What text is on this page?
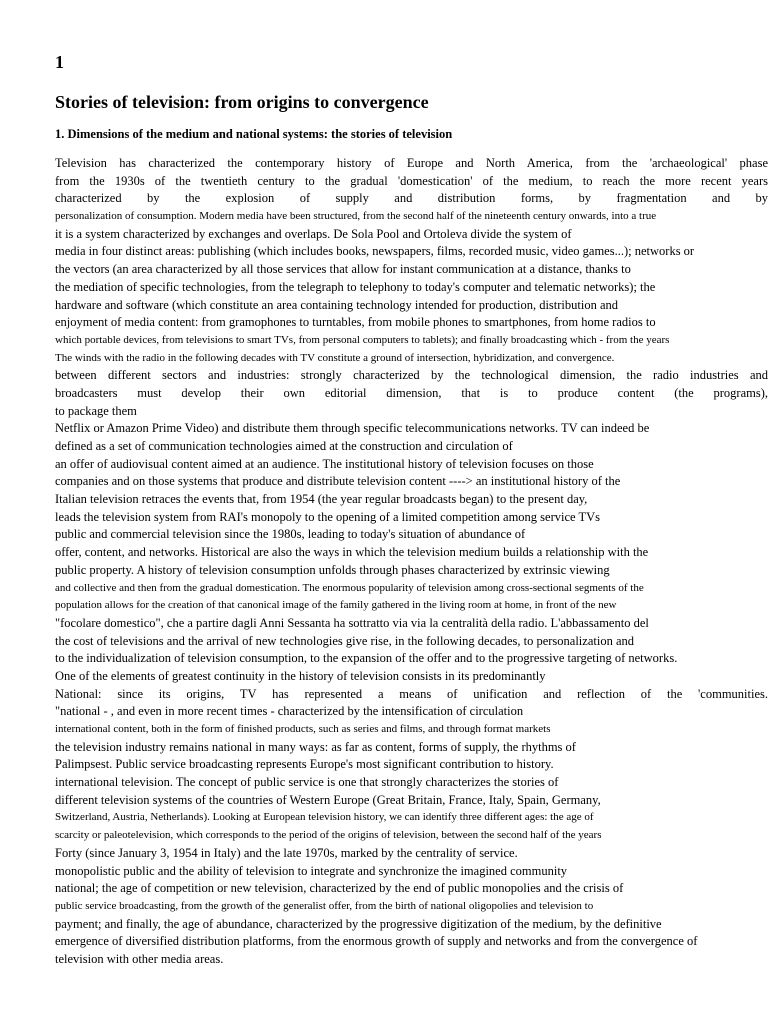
1
Stories of television: from origins to convergence
1. Dimensions of the medium and national systems: the stories of television
Television has characterized the contemporary history of Europe and North America, from the 'archaeological' phase
from the 1930s of the twentieth century to the gradual 'domestication' of the medium, to reach the more recent years
characterized by the explosion of supply and distribution forms, by fragmentation and by
personalization of consumption. Modern media have been structured, from the second half of the nineteenth century onwards, into a true
it is a system characterized by exchanges and overlaps. De Sola Pool and Ortoleva divide the system of
media in four distinct areas: publishing (which includes books, newspapers, films, recorded music, video games...); networks or
the vectors (an area characterized by all those services that allow for instant communication at a distance, thanks to
the mediation of specific technologies, from the telegraph to telephony to today's computer and telematic networks); the
hardware and software (which constitute an area containing technology intended for production, distribution and
enjoyment of media content: from gramophones to turntables, from mobile phones to smartphones, from home radios to
which portable devices, from televisions to smart TVs, from personal computers to tablets); and finally broadcasting which - from the years
The winds with the radio in the following decades with TV constitute a ground of intersection, hybridization, and convergence.
between different sectors and industries: strongly characterized by the technological dimension, the radio industries and
broadcasters must develop their own editorial dimension, that is to produce content (the programs),
to package them
Netflix or Amazon Prime Video) and distribute them through specific telecommunications networks. TV can indeed be
defined as a set of communication technologies aimed at the construction and circulation of
an offer of audiovisual content aimed at an audience. The institutional history of television focuses on those
companies and on those systems that produce and distribute television content ----> an institutional history of the
Italian television retraces the events that, from 1954 (the year regular broadcasts began) to the present day,
leads the television system from RAI's monopoly to the opening of a limited competition among service TVs
public and commercial television since the 1980s, leading to today's situation of abundance of
offer, content, and networks. Historical are also the ways in which the television medium builds a relationship with the
public property. A history of television consumption unfolds through phases characterized by extrinsic viewing
and collective and then from the gradual domestication. The enormous popularity of television among cross-sectional segments of the
population allows for the creation of that canonical image of the family gathered in the living room at home, in front of the new
"focolare domestico", che a partire dagli Anni Sessanta ha sottratto via via la centralità della radio. L'abbassamento del
the cost of televisions and the arrival of new technologies give rise, in the following decades, to personalization and
to the individualization of television consumption, to the expansion of the offer and to the progressive targeting of networks.
One of the elements of greatest continuity in the history of television consists in its predominantly
National: since its origins, TV has represented a means of unification and reflection of the 'communities.
"national - , and even in more recent times - characterized by the intensification of circulation
international content, both in the form of finished products, such as series and films, and through format markets
the television industry remains national in many ways: as far as content, forms of supply, the rhythms of
Palimpsest. Public service broadcasting represents Europe's most significant contribution to history.
international television. The concept of public service is one that strongly characterizes the stories of
different television systems of the countries of Western Europe (Great Britain, France, Italy, Spain, Germany,
Switzerland, Austria, Netherlands). Looking at European television history, we can identify three different ages: the age of
scarcity or paleotelevision, which corresponds to the period of the origins of television, between the second half of the years
Forty (since January 3, 1954 in Italy) and the late 1970s, marked by the centrality of service.
monopolistic public and the ability of television to integrate and synchronize the imagined community
national; the age of competition or new television, characterized by the end of public monopolies and the crisis of
public service broadcasting, from the growth of the generalist offer, from the birth of national oligopolies and television to
payment; and finally, the age of abundance, characterized by the progressive digitization of the medium, by the definitive
emergence of diversified distribution platforms, from the enormous growth of supply and networks and from the convergence of
television with other media areas.
